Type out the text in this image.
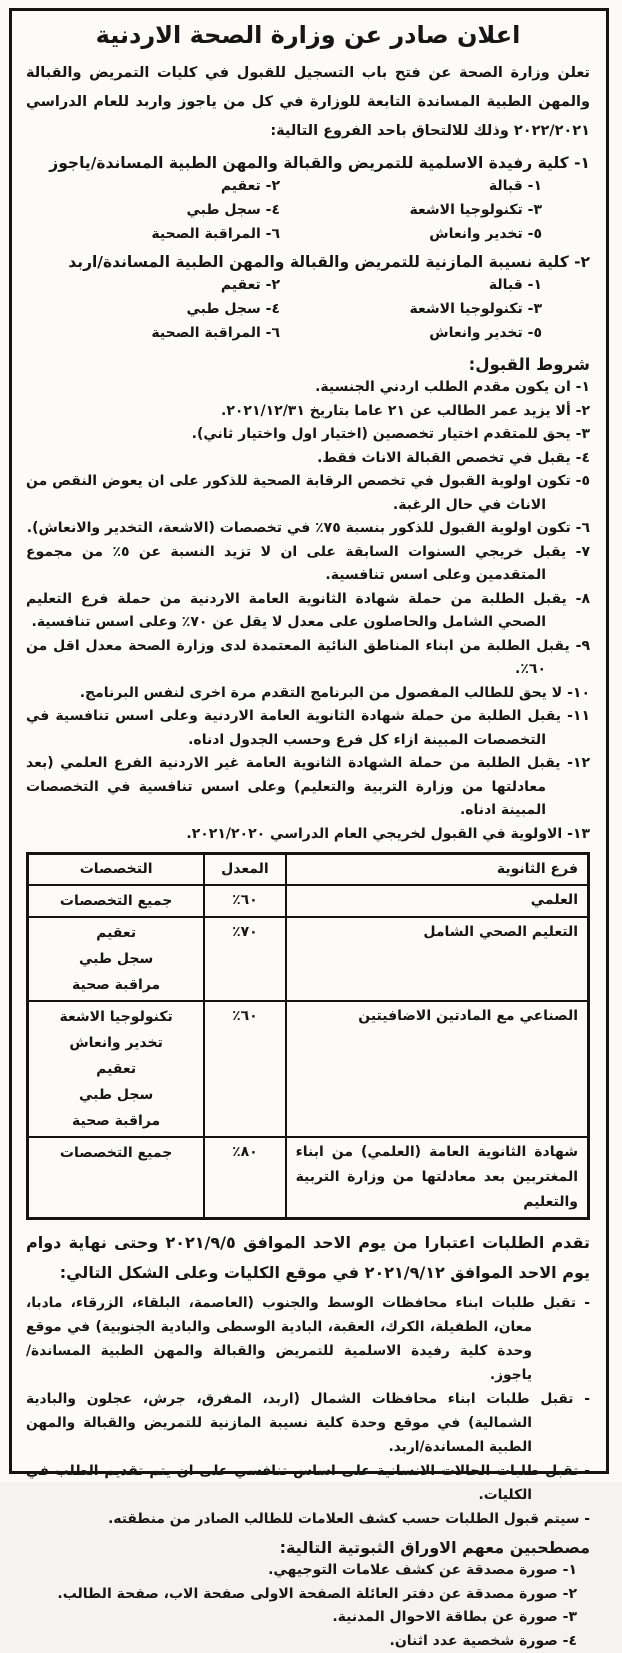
اعلان صادر عن وزارة الصحة الاردنية

تعلن وزارة الصحة عن فتح باب التسجيل للقبول في كليات التمريض والقبالة والمهن الطبية المساندة التابعة للوزارة في كل من ياجوز واربد للعام الدراسي ٢٠٢٢/٢٠٢١ وذلك للالتحاق باحد الفروع التالية:

١- كلية رفيدة الاسلمية للتمريض والقبالة والمهن الطبية المساندة/ياجوز
١- قبالة
٢- تعقيم
٣- تكنولوجيا الاشعة
٤- سجل طبي
٥- تخدير وانعاش
٦- المراقبة الصحية
٢- كلية نسيبة المازنية للتمريض والقبالة والمهن الطبية المساندة/اربد
١- قبالة
٢- تعقيم
٣- تكنولوجيا الاشعة
٤- سجل طبي
٥- تخدير وانعاش
٦- المراقبة الصحية
شروط القبول:
١- ان يكون مقدم الطلب اردني الجنسية.
٢- ألا يزيد عمر الطالب عن ٢١ عاما بتاريخ ٢٠٢١/١٢/٣١.
٣- يحق للمتقدم اختيار تخصصين (اختيار اول واختيار ثاني).
٤- يقبل في تخصص القبالة الاناث فقط.
٥- تكون اولوية القبول في تخصص الرقابة الصحية للذكور على ان يعوض النقص من الاناث في حال الرغبة.
٦- تكون اولوية القبول للذكور بنسبة ٧٥٪ في تخصصات (الاشعة، التخدير والانعاش).
٧- يقبل خريجي السنوات السابقة على ان لا تزيد النسبة عن ٥٪ من مجموع المتقدمين وعلى اسس تنافسية.
٨- يقبل الطلبة من حملة شهادة الثانوية العامة الاردنية من حملة فرع التعليم الصحي الشامل والحاصلون على معدل لا يقل عن ٧٠٪ وعلى اسس تنافسية.
٩- يقبل الطلبة من ابناء المناطق النائية المعتمدة لدى وزارة الصحة معدل اقل من ٦٠٪.
١٠- لا يحق للطالب المفصول من البرنامج التقدم مرة اخرى لنفس البرنامج.
١١- يقبل الطلبة من حملة شهادة الثانوية العامة الاردنية وعلى اسس تنافسية في التخصصات المبينة ازاء كل فرع وحسب الجدول ادناه.
١٢- يقبل الطلبة من حملة الشهادة الثانوية العامة غير الاردنية الفرع العلمي (بعد معادلتها من وزارة التربية والتعليم) وعلى اسس تنافسية في التخصصات المبينة ادناه.
١٣- الاولوية في القبول لخريجي العام الدراسي ٢٠٢١/٢٠٢٠.
فرع الثانوية	المعدل	التخصصات
العلمي	٦٠٪	جميع التخصصات

التعليم الصحي الشامل	٧٠٪	تعقيم
سجل طبي
مراقبة صحية

الصناعي مع المادتين الاضافيتين	٦٠٪	تكنولوجيا الاشعة
تخدير وانعاش
تعقيم
سجل طبي
مراقبة صحية

شهادة الثانوية العامة (العلمي) من ابناء المغتربين بعد معادلتها من وزارة التربية والتعليم	٨٠٪	جميع التخصصات

تقدم الطلبات اعتبارا من يوم الاحد الموافق ٢٠٢١/٩/٥ وحتى نهاية دوام يوم الاحد الموافق ٢٠٢١/٩/١٢ في موقع الكليات وعلى الشكل التالي:

- تقبل طلبات ابناء محافظات الوسط والجنوب (العاصمة، البلقاء، الزرقاء، مادبا، معان، الطفيلة، الكرك، العقبة، البادية الوسطى والبادية الجنوبية) في موقع وحدة كلية رفيدة الاسلمية للتمريض والقبالة والمهن الطبية المساندة/ياجوز.
- تقبل طلبات ابناء محافظات الشمال (اربد، المفرق، جرش، عجلون والبادية الشمالية) في موقع وحدة كلية نسيبة المازنية للتمريض والقبالة والمهن الطبية المساندة/اربد.
- تقبل طلبات الحالات الانسانية على اساس تنافسي على ان يتم تقديم الطلب في الكليات.
- سيتم قبول الطلبات حسب كشف العلامات للطالب الصادر من منطقته.
مصطحبين معهم الاوراق الثبوتية التالية:
١- صورة مصدقة عن كشف علامات التوجيهي.
٢- صورة مصدقة عن دفتر العائلة الصفحة الاولى صفحة الاب، صفحة الطالب.
٣- صورة عن بطاقة الاحوال المدنية.
٤- صورة شخصية عدد اثنان.
